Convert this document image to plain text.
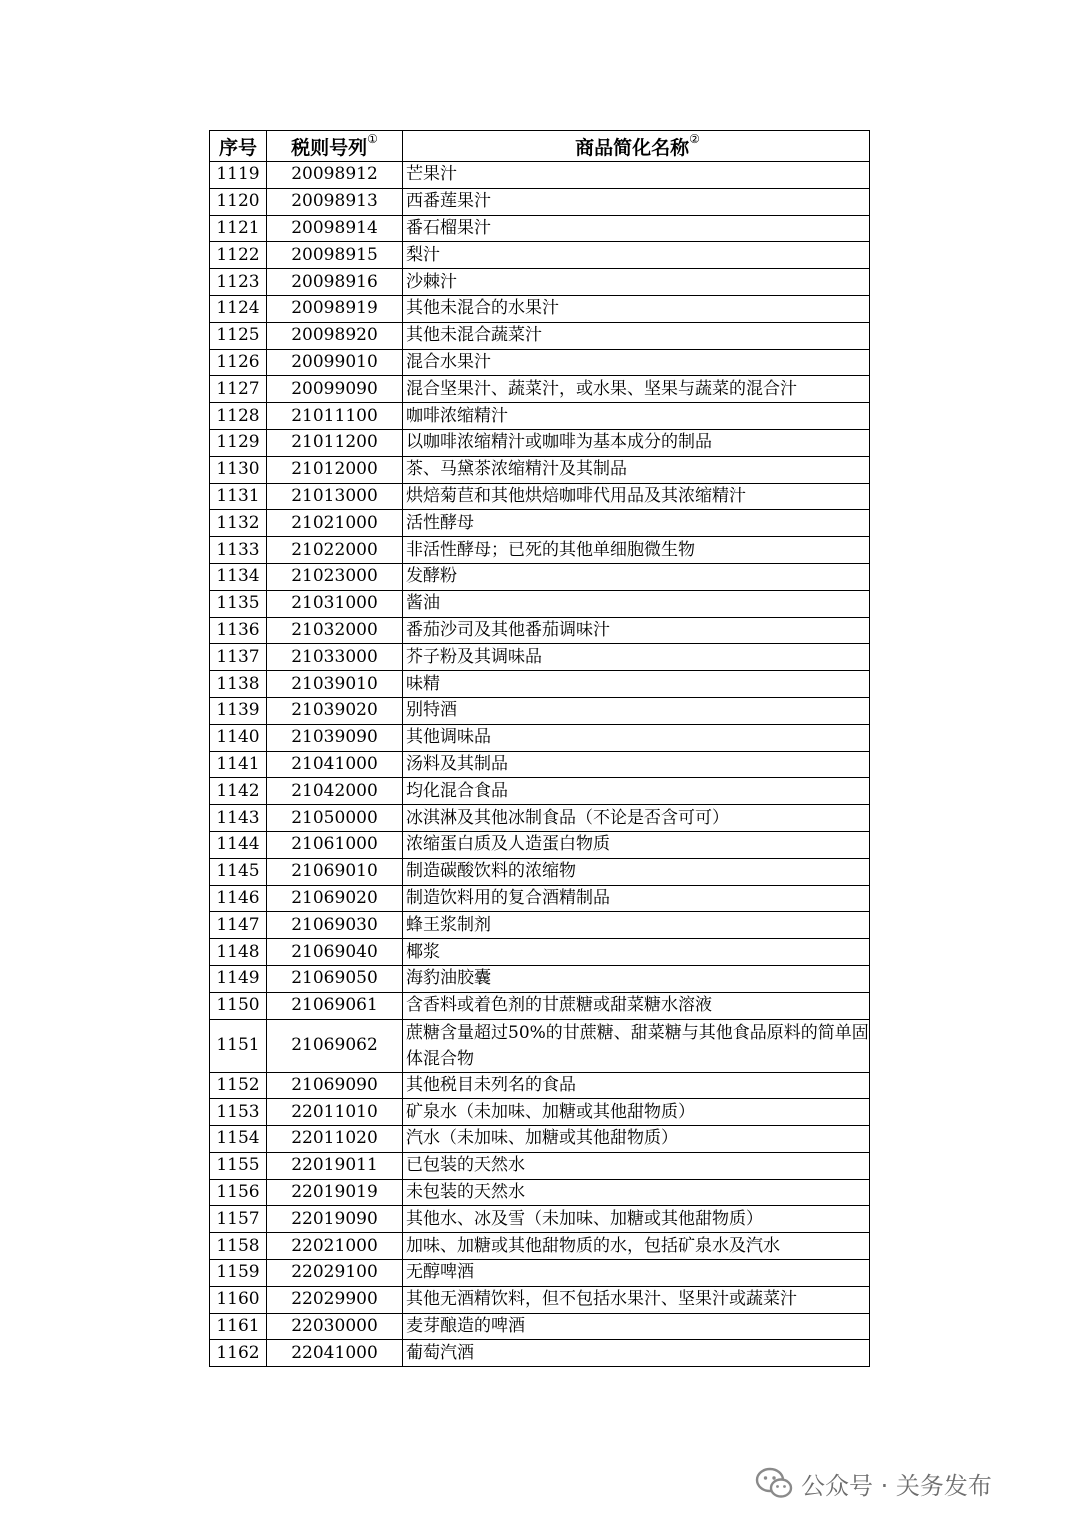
序号	税则号列①	商品简化名称②
1119	20098912	芒果汁
1120	20098913	西番莲果汁
1121	20098914	番石榴果汁
1122	20098915	梨汁
1123	20098916	沙棘汁
1124	20098919	其他未混合的水果汁
1125	20098920	其他未混合蔬菜汁
1126	20099010	混合水果汁
1127	20099090	混合坚果汁、蔬菜汁，或水果、坚果与蔬菜的混合汁
1128	21011100	咖啡浓缩精汁
1129	21011200	以咖啡浓缩精汁或咖啡为基本成分的制品
1130	21012000	茶、马黛茶浓缩精汁及其制品
1131	21013000	烘焙菊苣和其他烘焙咖啡代用品及其浓缩精汁
1132	21021000	活性酵母
1133	21022000	非活性酵母；已死的其他单细胞微生物
1134	21023000	发酵粉
1135	21031000	酱油
1136	21032000	番茄沙司及其他番茄调味汁
1137	21033000	芥子粉及其调味品
1138	21039010	味精
1139	21039020	别特酒
1140	21039090	其他调味品
1141	21041000	汤料及其制品
1142	21042000	均化混合食品
1143	21050000	冰淇淋及其他冰制食品（不论是否含可可）
1144	21061000	浓缩蛋白质及人造蛋白物质
1145	21069010	制造碳酸饮料的浓缩物
1146	21069020	制造饮料用的复合酒精制品
1147	21069030	蜂王浆制剂
1148	21069040	椰浆
1149	21069050	海豹油胶囊
1150	21069061	含香料或着色剂的甘蔗糖或甜菜糖水溶液
1151	21069062	蔗糖含量超过50%的甘蔗糖、甜菜糖与其他食品原料的简单固体混合物
1152	21069090	其他税目未列名的食品
1153	22011010	矿泉水（未加味、加糖或其他甜物质）
1154	22011020	汽水（未加味、加糖或其他甜物质）
1155	22019011	已包装的天然水
1156	22019019	未包装的天然水
1157	22019090	其他水、冰及雪（未加味、加糖或其他甜物质）
1158	22021000	加味、加糖或其他甜物质的水，包括矿泉水及汽水
1159	22029100	无醇啤酒
1160	22029900	其他无酒精饮料，但不包括水果汁、坚果汁或蔬菜汁
1161	22030000	麦芽酿造的啤酒
1162	22041000	葡萄汽酒
公众号 · 关务发布
